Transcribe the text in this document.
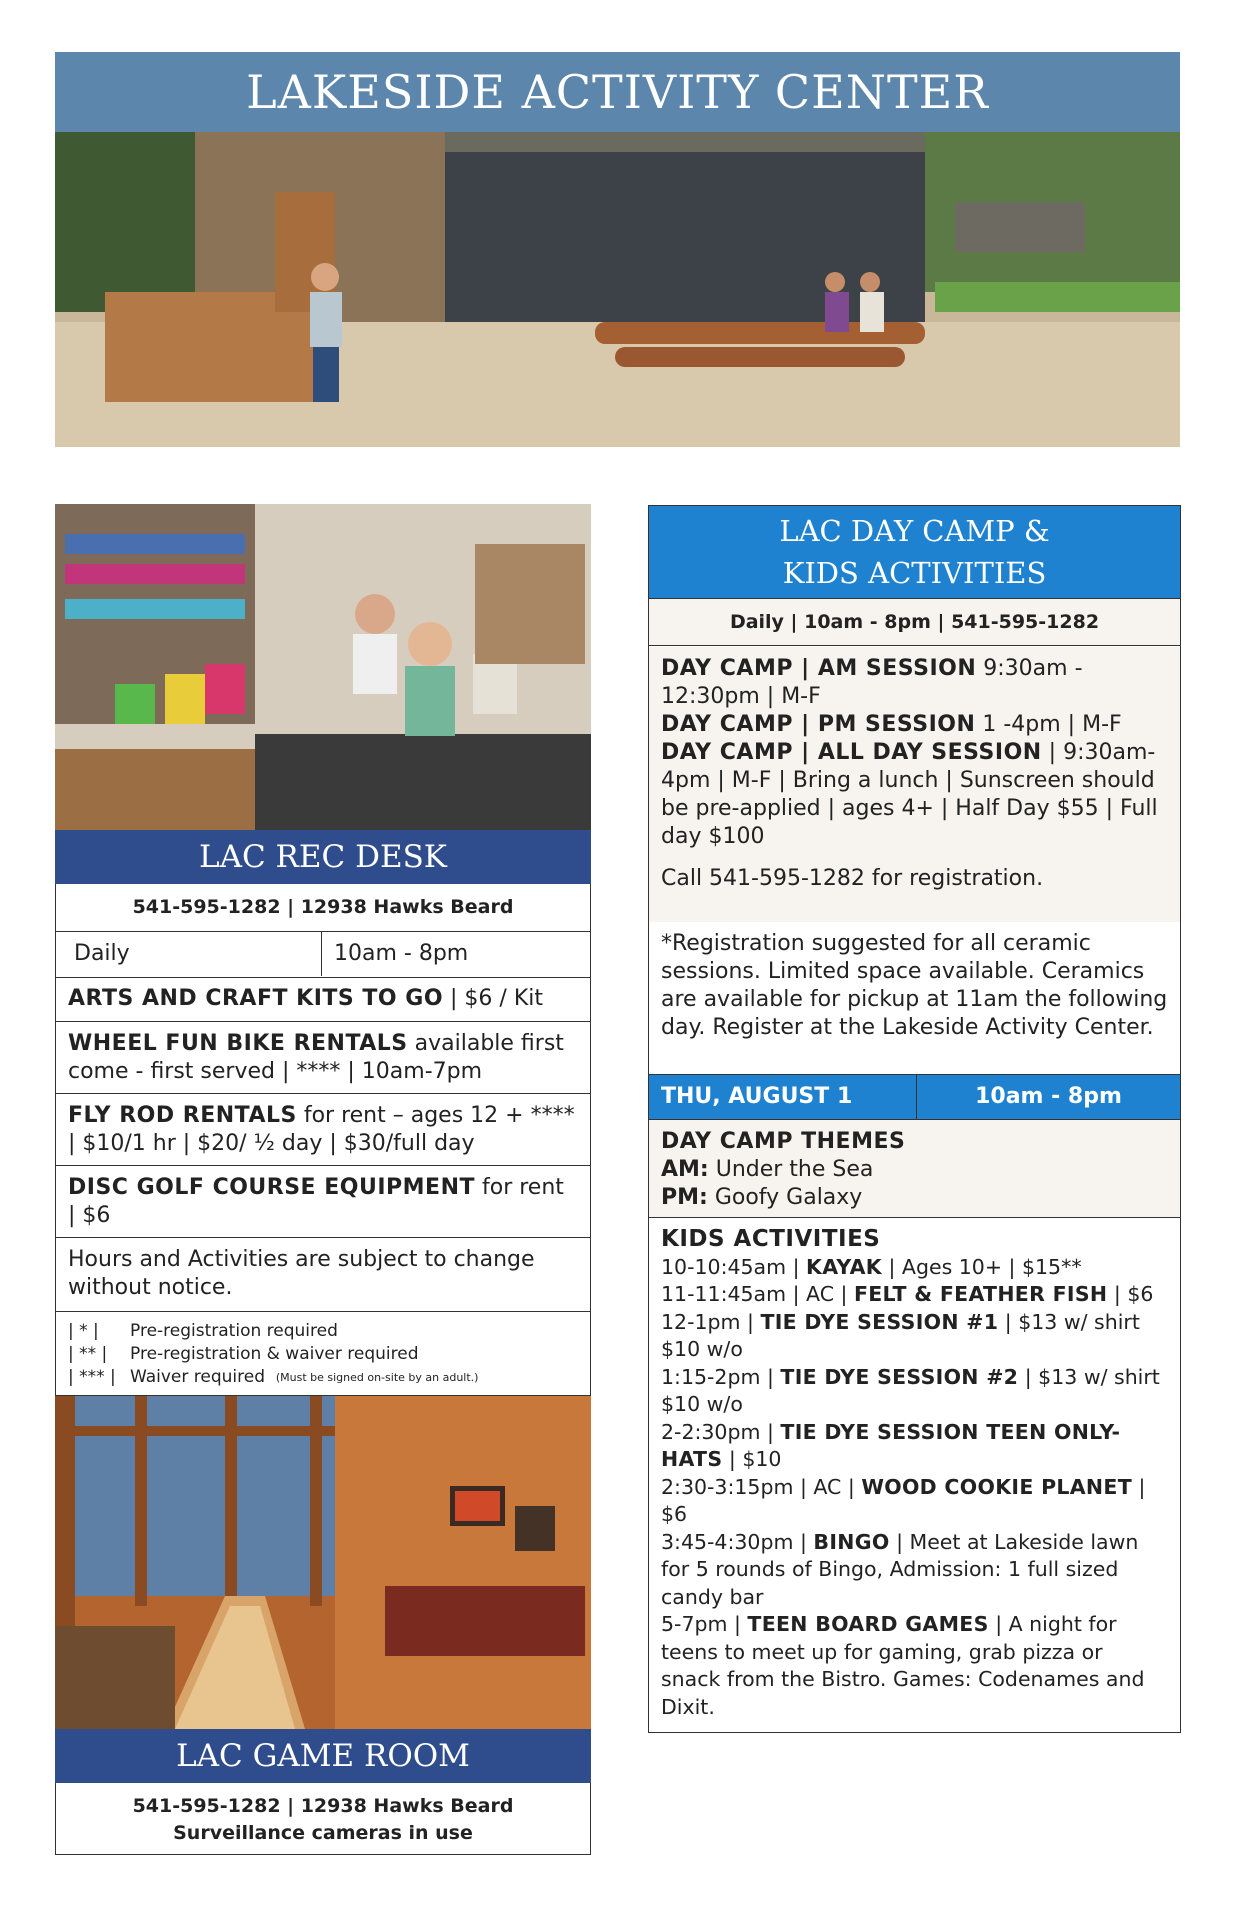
LAKESIDE ACTIVITY CENTER
LAC REC DESK
541-595-1282 | 12938 Hawks Beard
Daily	10am - 8pm
ARTS AND CRAFT KITS TO GO | $6 / Kit
WHEEL FUN BIKE RENTALS available first come - first served | **** | 10am-7pm
FLY ROD RENTALS for rent – ages 12 + **** | $10/1 hr | $20/ ½ day | $30/full day
DISC GOLF COURSE EQUIPMENT for rent | $6
Hours and Activities are subject to change without notice.
| * |	Pre-registration required
| ** |	Pre-registration & waiver required
| *** | Waiver required
(Must be signed on-site by an adult.)
LAC GAME ROOM
541-595-1282 | 12938 Hawks Beard
Surveillance cameras in use
LAC DAY CAMP &
KIDS ACTIVITIES
Daily | 10am - 8pm | 541-595-1282
DAY CAMP | AM SESSION 9:30am - 12:30pm | M-F
DAY CAMP | PM SESSION 1 -4pm | M-F
DAY CAMP | ALL DAY SESSION | 9:30am-4pm | M-F | Bring a lunch | Sunscreen should be pre-applied | ages 4+ | Half Day $55 | Full day $100
Call 541-595-1282 for registration.
*Registration suggested for all ceramic sessions. Limited space available. Ceramics are available for pickup at 11am the following day. Register at the Lakeside Activity Center.
THU, AUGUST 1	10am - 8pm
DAY CAMP THEMES
AM: Under the Sea
PM: Goofy Galaxy
KIDS ACTIVITIES
10-10:45am | KAYAK | Ages 10+ | $15**
11-11:45am | AC | FELT & FEATHER FISH | $6
12-1pm | TIE DYE SESSION #1 | $13 w/ shirt $10 w/o
1:15-2pm | TIE DYE SESSION #2 | $13 w/ shirt $10 w/o
2-2:30pm | TIE DYE SESSION TEEN ONLY-HATS | $10
2:30-3:15pm | AC | WOOD COOKIE PLANET | $6
3:45-4:30pm | BINGO | Meet at Lakeside lawn for 5 rounds of Bingo, Admission: 1 full sized candy bar
5-7pm | TEEN BOARD GAMES | A night for teens to meet up for gaming, grab pizza or snack from the Bistro. Games: Codenames and Dixit.
